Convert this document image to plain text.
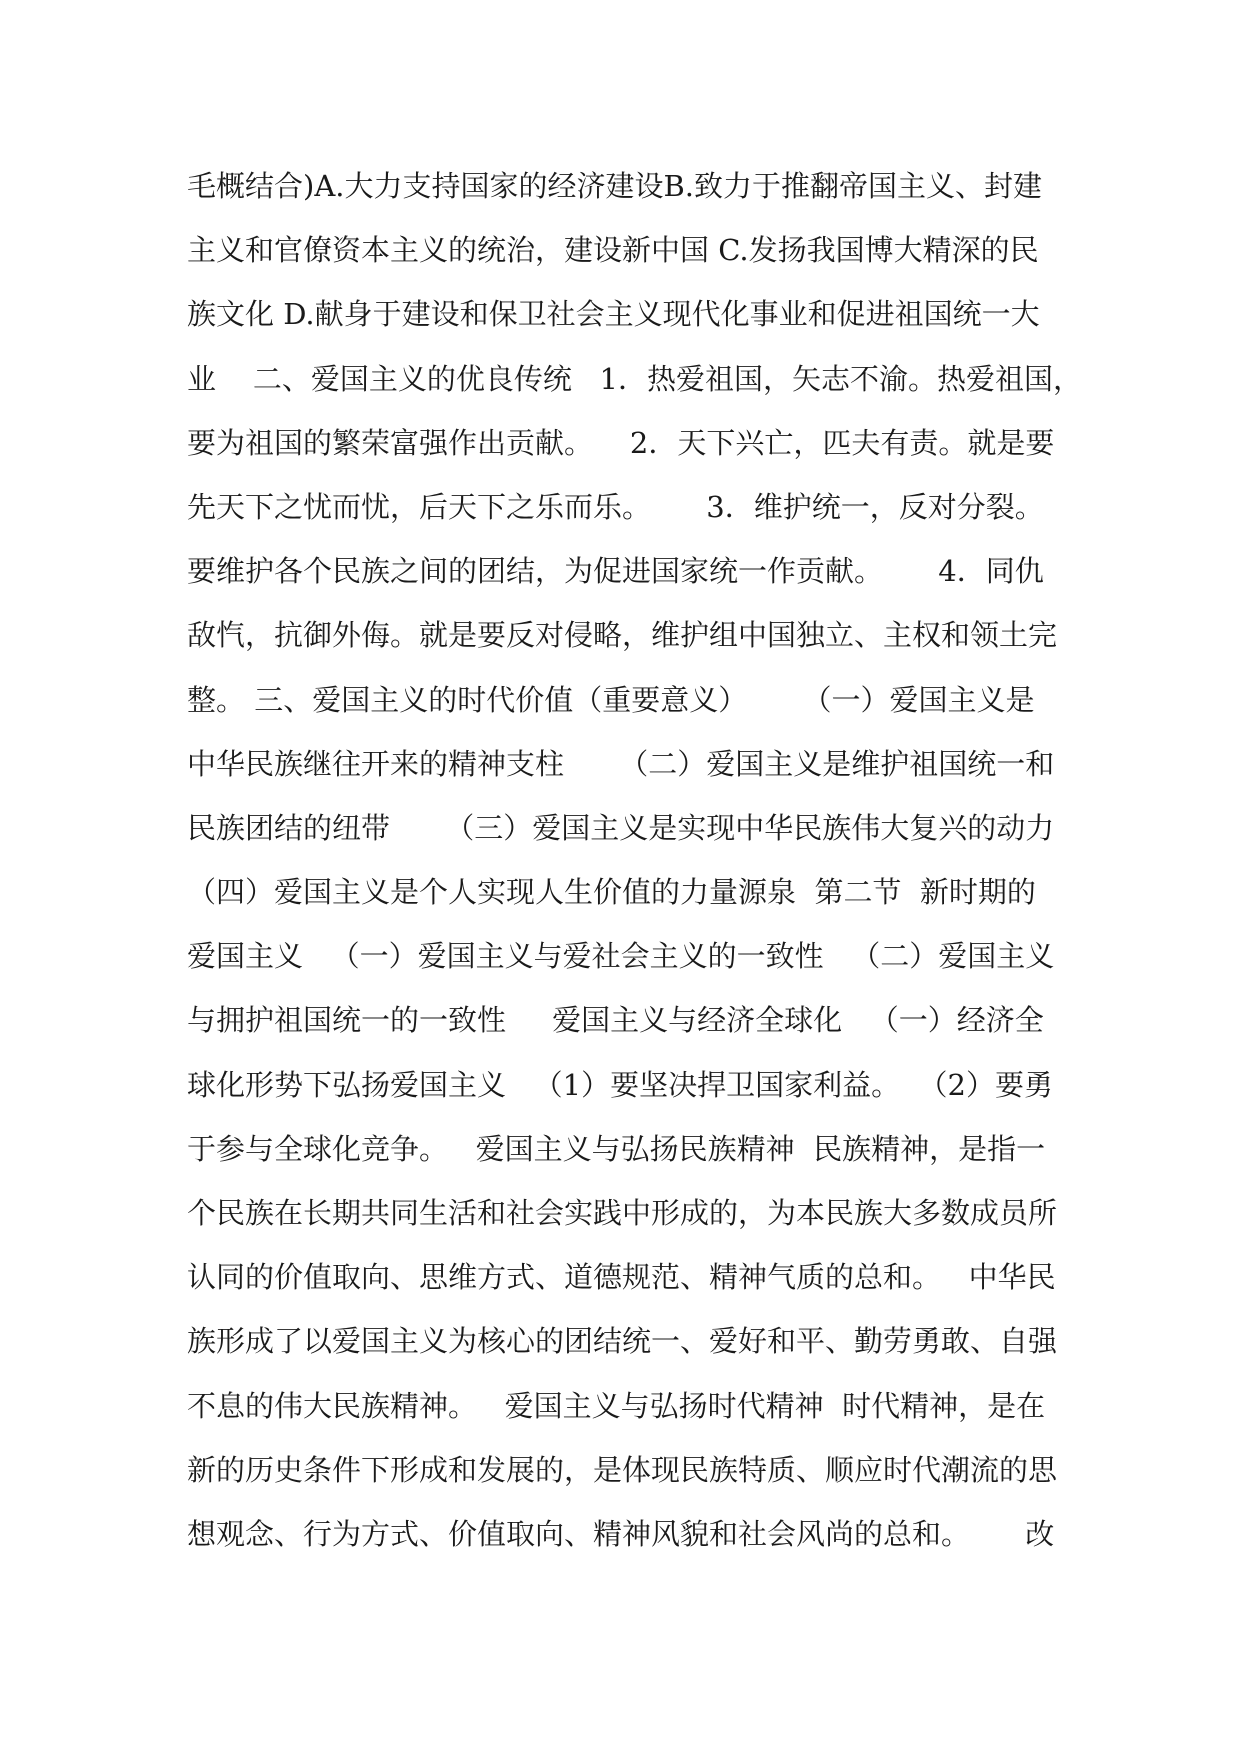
毛概结合)A.大力支持国家的经济建设B.致力于推翻帝国主义、封建
主义和官僚资本主义的统治，建设新中国 C.发扬我国博大精深的民
族文化 D.献身于建设和保卫社会主义现代化事业和促进祖国统一大
业    二、爱国主义的优良传统   1．热爱祖国，矢志不渝。热爱祖国，
要为祖国的繁荣富强作出贡献。    2．天下兴亡，匹夫有责。就是要
先天下之忧而忧，后天下之乐而乐。      3．维护统一，反对分裂。
要维护各个民族之间的团结，为促进国家统一作贡献。      4．同仇
敌忾，抗御外侮。就是要反对侵略，维护组中国独立、主权和领土完
整。 三、爱国主义的时代价值（重要意义）      （一）爱国主义是
中华民族继往开来的精神支柱      （二）爱国主义是维护祖国统一和
民族团结的纽带      （三）爱国主义是实现中华民族伟大复兴的动力
（四）爱国主义是个人实现人生价值的力量源泉  第二节  新时期的
爱国主义   （一）爱国主义与爱社会主义的一致性   （二）爱国主义
与拥护祖国统一的一致性     爱国主义与经济全球化   （一）经济全
球化形势下弘扬爱国主义   （1）要坚决捍卫国家利益。  （2）要勇
于参与全球化竞争。   爱国主义与弘扬民族精神  民族精神，是指一
个民族在长期共同生活和社会实践中形成的，为本民族大多数成员所
认同的价值取向、思维方式、道德规范、精神气质的总和。   中华民
族形成了以爱国主义为核心的团结统一、爱好和平、勤劳勇敢、自强
不息的伟大民族精神。   爱国主义与弘扬时代精神  时代精神，是在
新的历史条件下形成和发展的，是体现民族特质、顺应时代潮流的思
想观念、行为方式、价值取向、精神风貌和社会风尚的总和。      改
